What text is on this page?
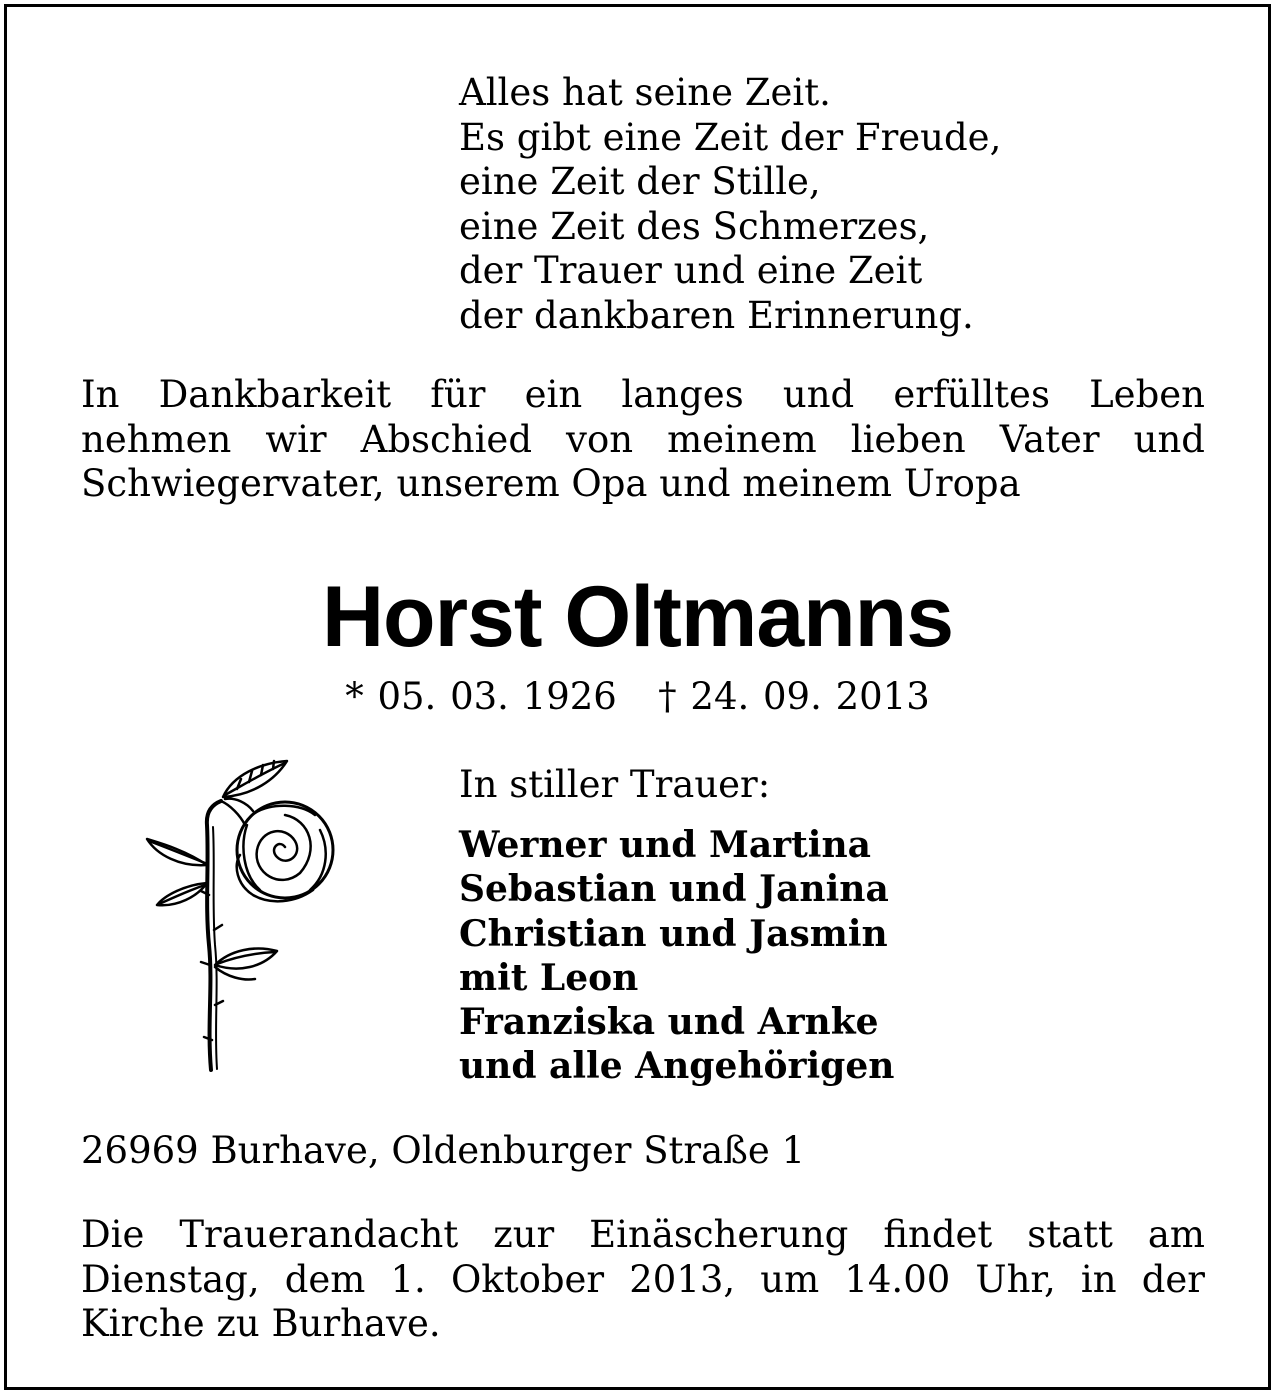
Alles hat seine Zeit.
Es gibt eine Zeit der Freude,
eine Zeit der Stille,
eine Zeit des Schmerzes,
der Trauer und eine Zeit
der dankbaren Erinnerung.
In Dankbarkeit für ein langes und erfülltes Leben
nehmen wir Abschied von meinem lieben Vater und
Schwiegervater, unserem Opa und meinem Uropa
Horst Oltmanns
* 05. 03. 1926 † 24. 09. 2013
In stiller Trauer:
Werner und Martina
Sebastian und Janina
Christian und Jasmin
mit Leon
Franziska und Arnke
und alle Angehörigen
26969 Burhave, Oldenburger Straße 1
Die Trauerandacht zur Einäscherung findet statt am
Dienstag, dem 1. Oktober 2013, um 14.00 Uhr, in der
Kirche zu Burhave.
